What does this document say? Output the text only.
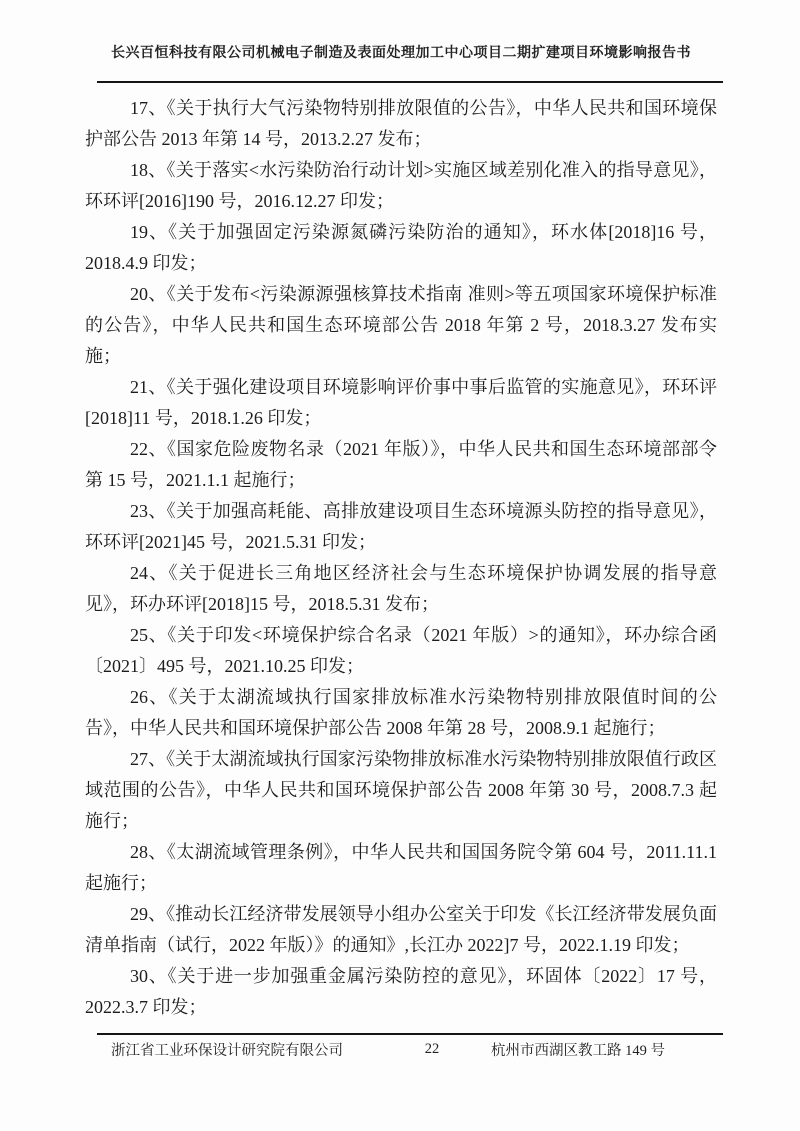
长兴百恒科技有限公司机械电子制造及表面处理加工中心项目二期扩建项目环境影响报告书

17、《关于执行大气污染物特别排放限值的公告》，中华人民共和国环境保护部公告 2013 年第 14 号，2013.2.27 发布；

18、《关于落实<水污染防治行动计划>实施区域差别化准入的指导意见》，环环评[2016]190 号，2016.12.27 印发；

19、《关于加强固定污染源氮磷污染防治的通知》，环水体[2018]16 号，2018.4.9 印发；

20、《关于发布<污染源源强核算技术指南 准则>等五项国家环境保护标准的公告》，中华人民共和国生态环境部公告 2018 年第 2 号，2018.3.27 发布实施；

21、《关于强化建设项目环境影响评价事中事后监管的实施意见》，环环评[2018]11 号，2018.1.26 印发；

22、《国家危险废物名录（2021 年版）》，中华人民共和国生态环境部部令第 15 号，2021.1.1 起施行；

23、《关于加强高耗能、高排放建设项目生态环境源头防控的指导意见》，环环评[2021]45 号，2021.5.31 印发；

24、《关于促进长三角地区经济社会与生态环境保护协调发展的指导意见》，环办环评[2018]15 号，2018.5.31 发布；

25、《关于印发<环境保护综合名录（2021 年版）>的通知》，环办综合函〔2021〕495 号，2021.10.25 印发；

26、《关于太湖流域执行国家排放标准水污染物特别排放限值时间的公告》，中华人民共和国环境保护部公告 2008 年第 28 号，2008.9.1 起施行；

27、《关于太湖流域执行国家污染物排放标准水污染物特别排放限值行政区域范围的公告》，中华人民共和国环境保护部公告 2008 年第 30 号，2008.7.3 起施行；

28、《太湖流域管理条例》，中华人民共和国国务院令第 604 号，2011.11.1 起施行；

29、《推动长江经济带发展领导小组办公室关于印发《长江经济带发展负面清单指南（试行，2022 年版）》的通知》,长江办 2022]7 号，2022.1.19 印发；

30、《关于进一步加强重金属污染防控的意见》，环固体〔2022〕17 号，2022.3.7 印发；

浙江省工业环保设计研究院有限公司	22	杭州市西湖区教工路 149 号
